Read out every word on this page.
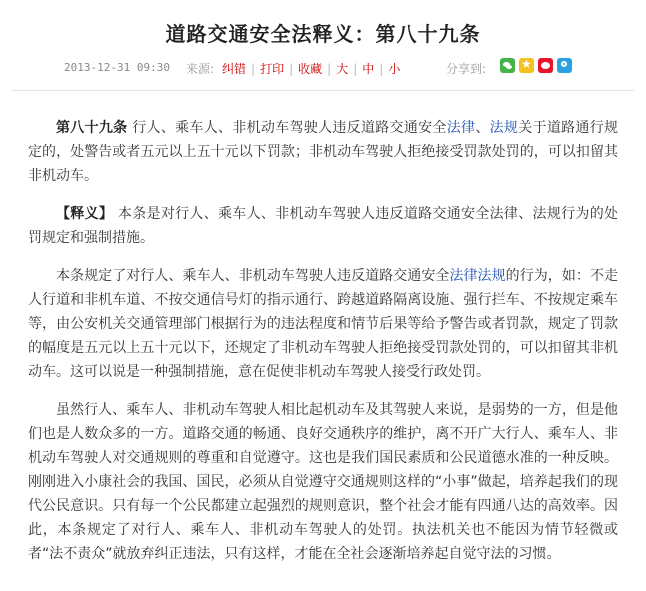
道路交通安全法释义：第八十九条
2013-12-31 09:30 来源: 纠错 | 打印 | 收藏 | 大 | 中 | 小	分享到:
★

第八十九条 行人、乘车人、非机动车驾驶人违反道路交通安全法律、法规关于道路通行规定的，处警告或者五元以上五十元以下罚款；非机动车驾驶人拒绝接受罚款处罚的，可以扣留其非机动车。

【释义】 本条是对行人、乘车人、非机动车驾驶人违反道路交通安全法律、法规行为的处罚规定和强制措施。

本条规定了对行人、乘车人、非机动车驾驶人违反道路交通安全法律法规的行为，如：不走人行道和非机车道、不按交通信号灯的指示通行、跨越道路隔离设施、强行拦车、不按规定乘车等，由公安机关交通管理部门根据行为的违法程度和情节后果等给予警告或者罚款，规定了罚款的幅度是五元以上五十元以下，还规定了非机动车驾驶人拒绝接受罚款处罚的，可以扣留其非机动车。这可以说是一种强制措施，意在促使非机动车驾驶人接受行政处罚。

虽然行人、乘车人、非机动车驾驶人相比起机动车及其驾驶人来说，是弱势的一方，但是他们也是人数众多的一方。道路交通的畅通、良好交通秩序的维护，离不开广大行人、乘车人、非机动车驾驶人对交通规则的尊重和自觉遵守。这也是我们国民素质和公民道德水准的一种反映。刚刚进入小康社会的我国、国民，必须从自觉遵守交通规则这样的“小事”做起，培养起我们的现代公民意识。只有每一个公民都建立起强烈的规则意识，整个社会才能有四通八达的高效率。因此，本条规定了对行人、乘车人、非机动车驾驶人的处罚。执法机关也不能因为情节轻微或者“法不责众”就放弃纠正违法，只有这样，才能在全社会逐渐培养起自觉守法的习惯。
